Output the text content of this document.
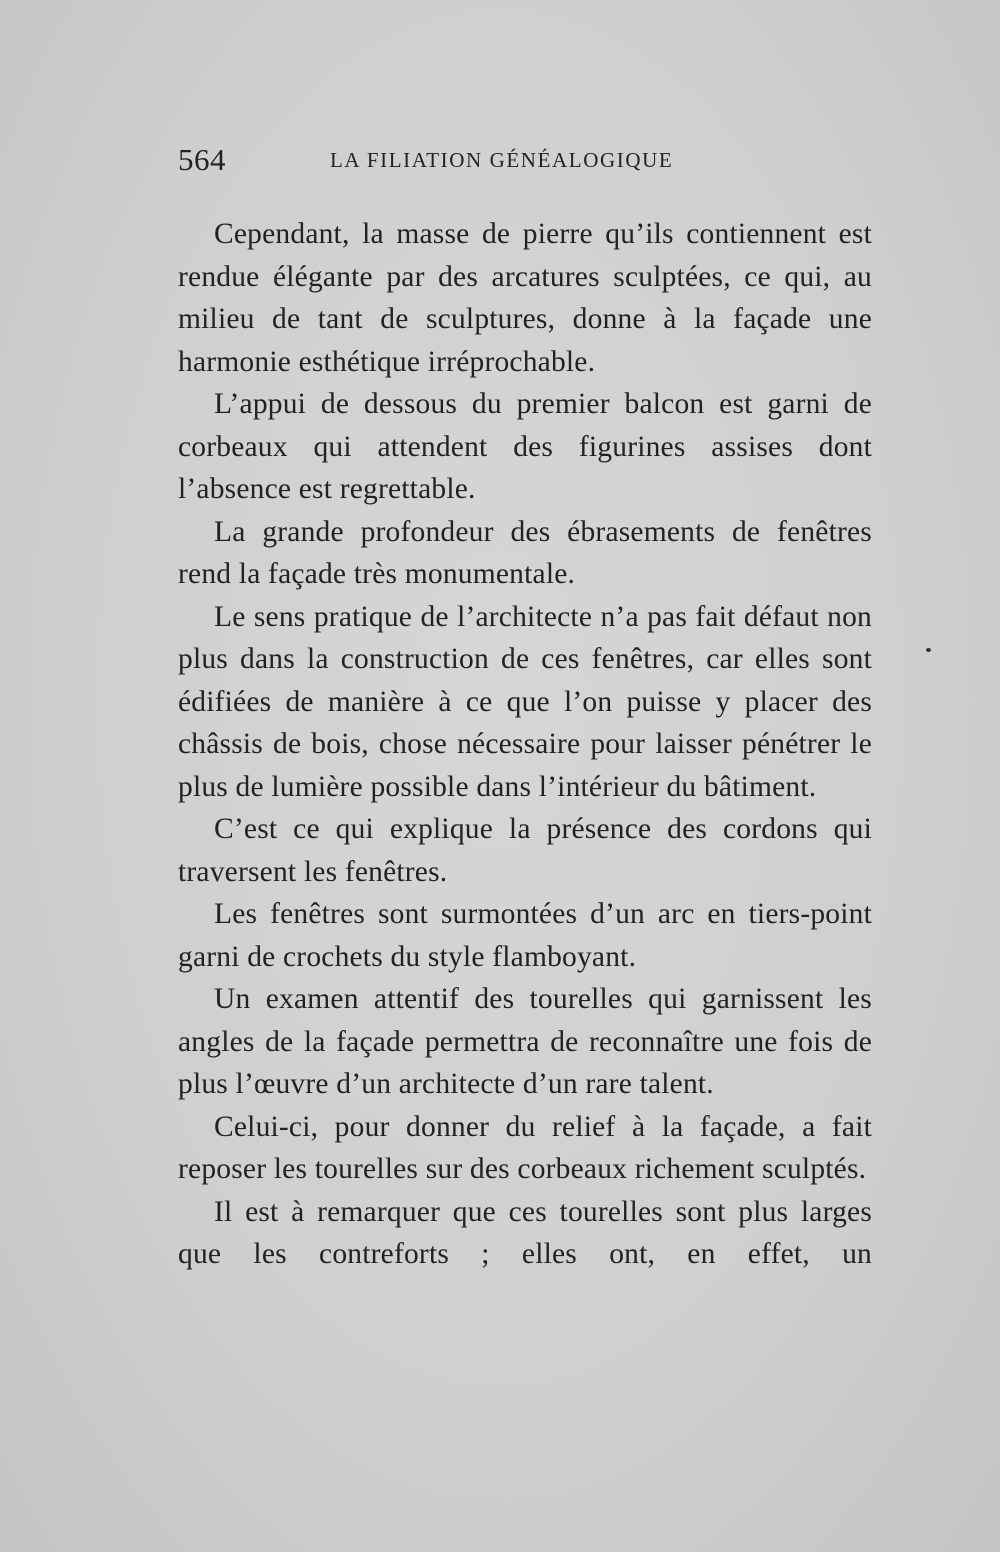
564	LA FILIATION GÉNÉALOGIQUE

Cependant, la masse de pierre qu’ils contiennent est rendue élégante par des arcatures sculptées, ce qui, au milieu de tant de sculptures, donne à la façade une harmonie esthétique irréprochable.

L’appui de dessous du premier balcon est garni de corbeaux qui attendent des figurines assises dont l’absence est regrettable.

La grande profondeur des ébrasements de fenêtres rend la façade très monumentale.

Le sens pratique de l’architecte n’a pas fait défaut non plus dans la construction de ces fenêtres, car elles sont édifiées de manière à ce que l’on puisse y placer des châssis de bois, chose nécessaire pour laisser pénétrer le plus de lumière possible dans l’intérieur du bâtiment.

C’est ce qui explique la présence des cordons qui traversent les fenêtres.

Les fenêtres sont surmontées d’un arc en tiers-point garni de crochets du style flamboyant.

Un examen attentif des tourelles qui garnissent les angles de la façade permettra de reconnaître une fois de plus l’œuvre d’un architecte d’un rare talent.

Celui-ci, pour donner du relief à la façade, a fait reposer les tourelles sur des corbeaux richement sculptés.

Il est à remarquer que ces tourelles sont plus larges que les contreforts ; elles ont, en effet, un
